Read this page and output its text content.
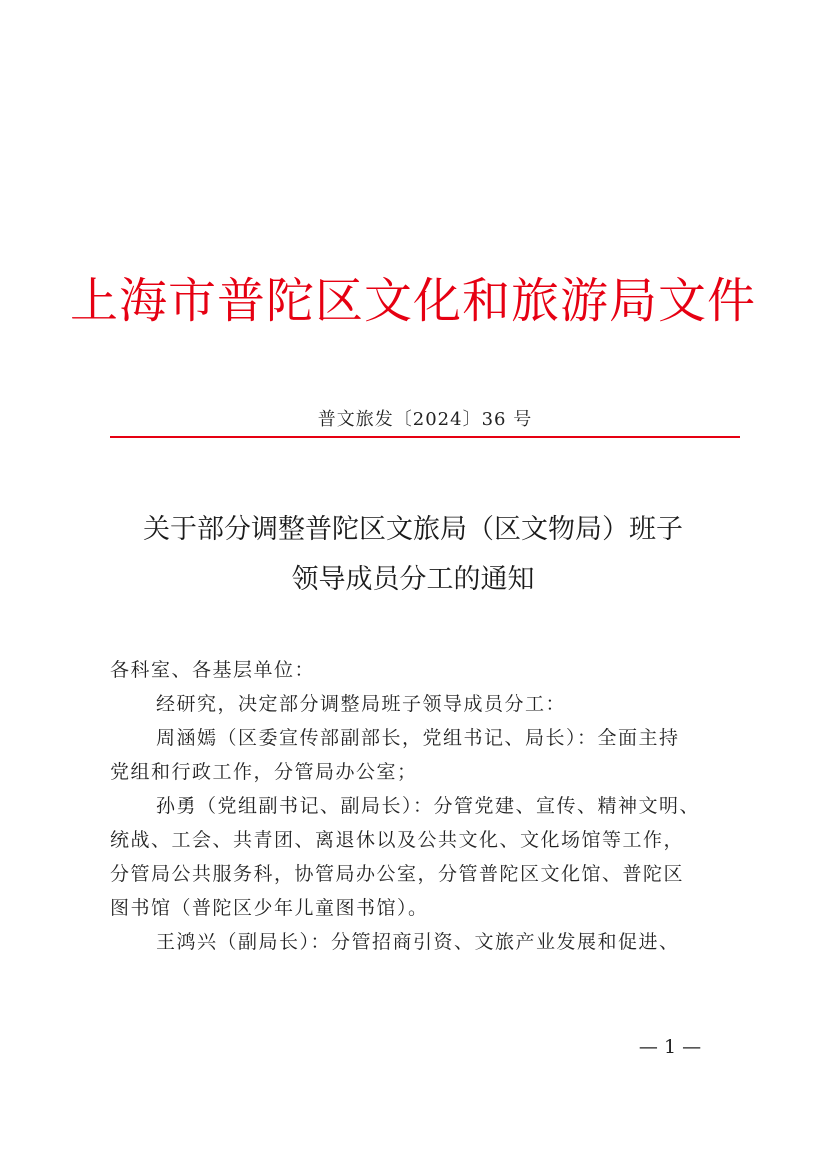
上海市普陀区文化和旅游局文件
普文旅发〔2024〕36 号
关于部分调整普陀区文旅局（区文物局）班子
领导成员分工的通知
各科室、各基层单位：
经研究，决定部分调整局班子领导成员分工：
周涵嫣（区委宣传部副部长，党组书记、局长）：全面主持
党组和行政工作，分管局办公室；
孙勇（党组副书记、副局长）：分管党建、宣传、精神文明、
统战、工会、共青团、离退休以及公共文化、文化场馆等工作，
分管局公共服务科，协管局办公室，分管普陀区文化馆、普陀区
图书馆（普陀区少年儿童图书馆）。
王鸿兴（副局长）：分管招商引资、文旅产业发展和促进、
— 1 —
